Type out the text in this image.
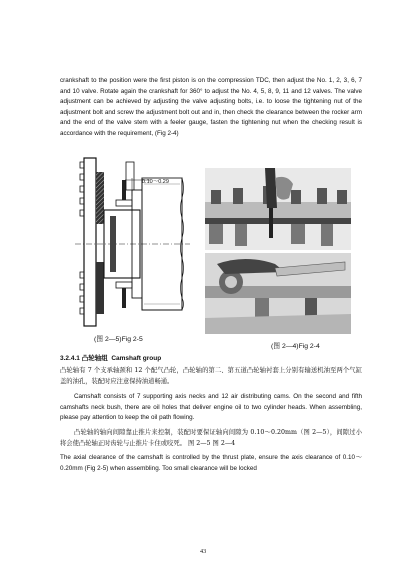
crankshaft to the position were the first piston is on the compression TDC, then adjust the No. 1, 2, 3, 6, 7 and 10 valve. Rotate again the crankshaft for 360° to adjust the No. 4, 5, 8, 9, 11 and 12 valves. The valve adjustment can be achieved by adjusting the valve adjusting bolts, i.e. to loose the tightening nut of the adjustment bolt and screw the adjustment bolt out and in, then check the clearance between the rocker arm and the end of the valve stem with a feeler gauge, fasten the tightening nut when the checking result is accordance with the requirement, (Fig 2-4)
0.10～0.29
(图 2—5)Fig 2-5
(图 2—4)Fig 2-4
3.2.4.1 凸轮轴组 Camshaft group
凸轮轴有 7 个支承轴颈和 12 个配气凸轮，凸轮轴的第二、第五道凸轮轴衬套上分别有输送机油至两个气缸盖的油孔，装配时应注意保持油道畅通。
Camshaft consists of 7 supporting axis necks and 12 air distributing cams. On the second and fifth camshafts neck bush, there are oil holes that deliver engine oil to two cylinder heads. When assembling, please pay attention to keep the oil path flowing.
凸轮轴的轴向间隙靠止推片来控制，装配时要保证轴向间隙为 0.10～0.20mm（图 2—5），间隙过小将会使凸轮轴正时齿轮与止推片卡住或咬死。 图 2—5 图 2—4
The axial clearance of the camshaft is controlled by the thrust plate, ensure the axis clearance of 0.10～0.20mm (Fig 2-5) when assembling. Too small clearance will be locked
43
